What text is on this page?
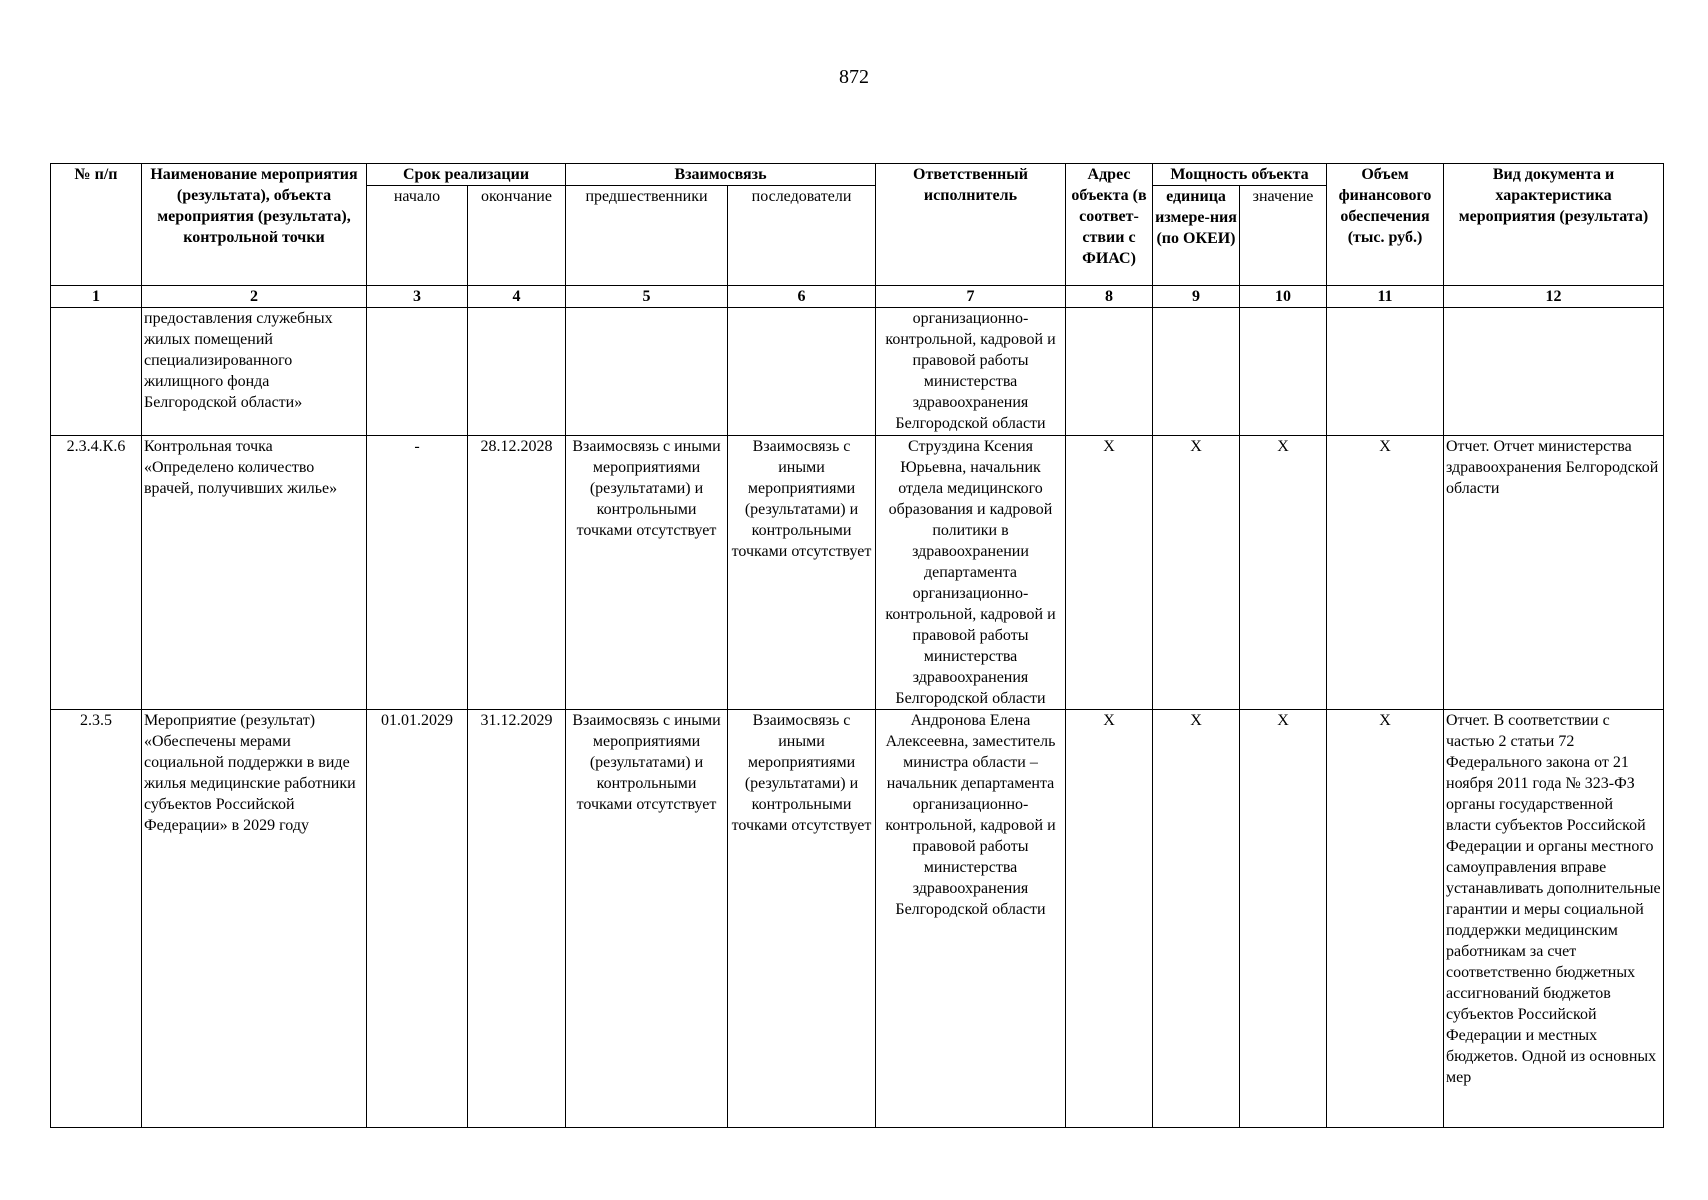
872
№ п/п	Наименование мероприятия (результата), объекта мероприятия (результата), контрольной точки	Срок реализации		Взаимосвязь		Ответственный исполнитель	Адрес объекта (в соответ-ствии с ФИАС)	Мощность объекта		Объем финансового обеспечения (тыс. руб.)	Вид документа и характеристика мероприятия (результата)
		начало	окончание	предшественники	последователи			единица измере-ния (по ОКЕИ)	значение		
1	2	3	4	5	6	7	8	9	10	11	12
	предоставления служебных жилых помещений специализированного жилищного фонда Белгородской области»					организационно-контрольной, кадровой и правовой работы министерства здравоохранения Белгородской области					
2.3.4.К.6	Контрольная точка «Определено количество врачей, получивших жилье»	-	28.12.2028	Взаимосвязь с иными мероприятиями (результатами) и контрольными точками отсутствует	Взаимосвязь с иными мероприятиями (результатами) и контрольными точками отсутствует	Струздина Ксения Юрьевна, начальник отдела медицинского образования и кадровой политики в здравоохранении департамента организационно-контрольной, кадровой и правовой работы министерства здравоохранения Белгородской области	Х	Х	Х	Х	Отчет. Отчет министерства здравоохранения Белгородской области
2.3.5	Мероприятие (результат) «Обеспечены мерами социальной поддержки в виде жилья медицинские работники субъектов Российской Федерации» в 2029 году	01.01.2029	31.12.2029	Взаимосвязь с иными мероприятиями (результатами) и контрольными точками отсутствует	Взаимосвязь с иными мероприятиями (результатами) и контрольными точками отсутствует	Андронова Елена Алексеевна, заместитель министра области – начальник департамента организационно-контрольной, кадровой и правовой работы министерства здравоохранения Белгородской области	Х	Х	Х	Х	Отчет. В соответствии с частью 2 статьи 72 Федерального закона от 21 ноября 2011 года № 323-ФЗ органы государственной власти субъектов Российской Федерации и органы местного самоуправления вправе устанавливать дополнительные гарантии и меры социальной поддержки медицинским работникам за счет соответственно бюджетных ассигнований бюджетов субъектов Российской Федерации и местных бюджетов. Одной из основных мер
